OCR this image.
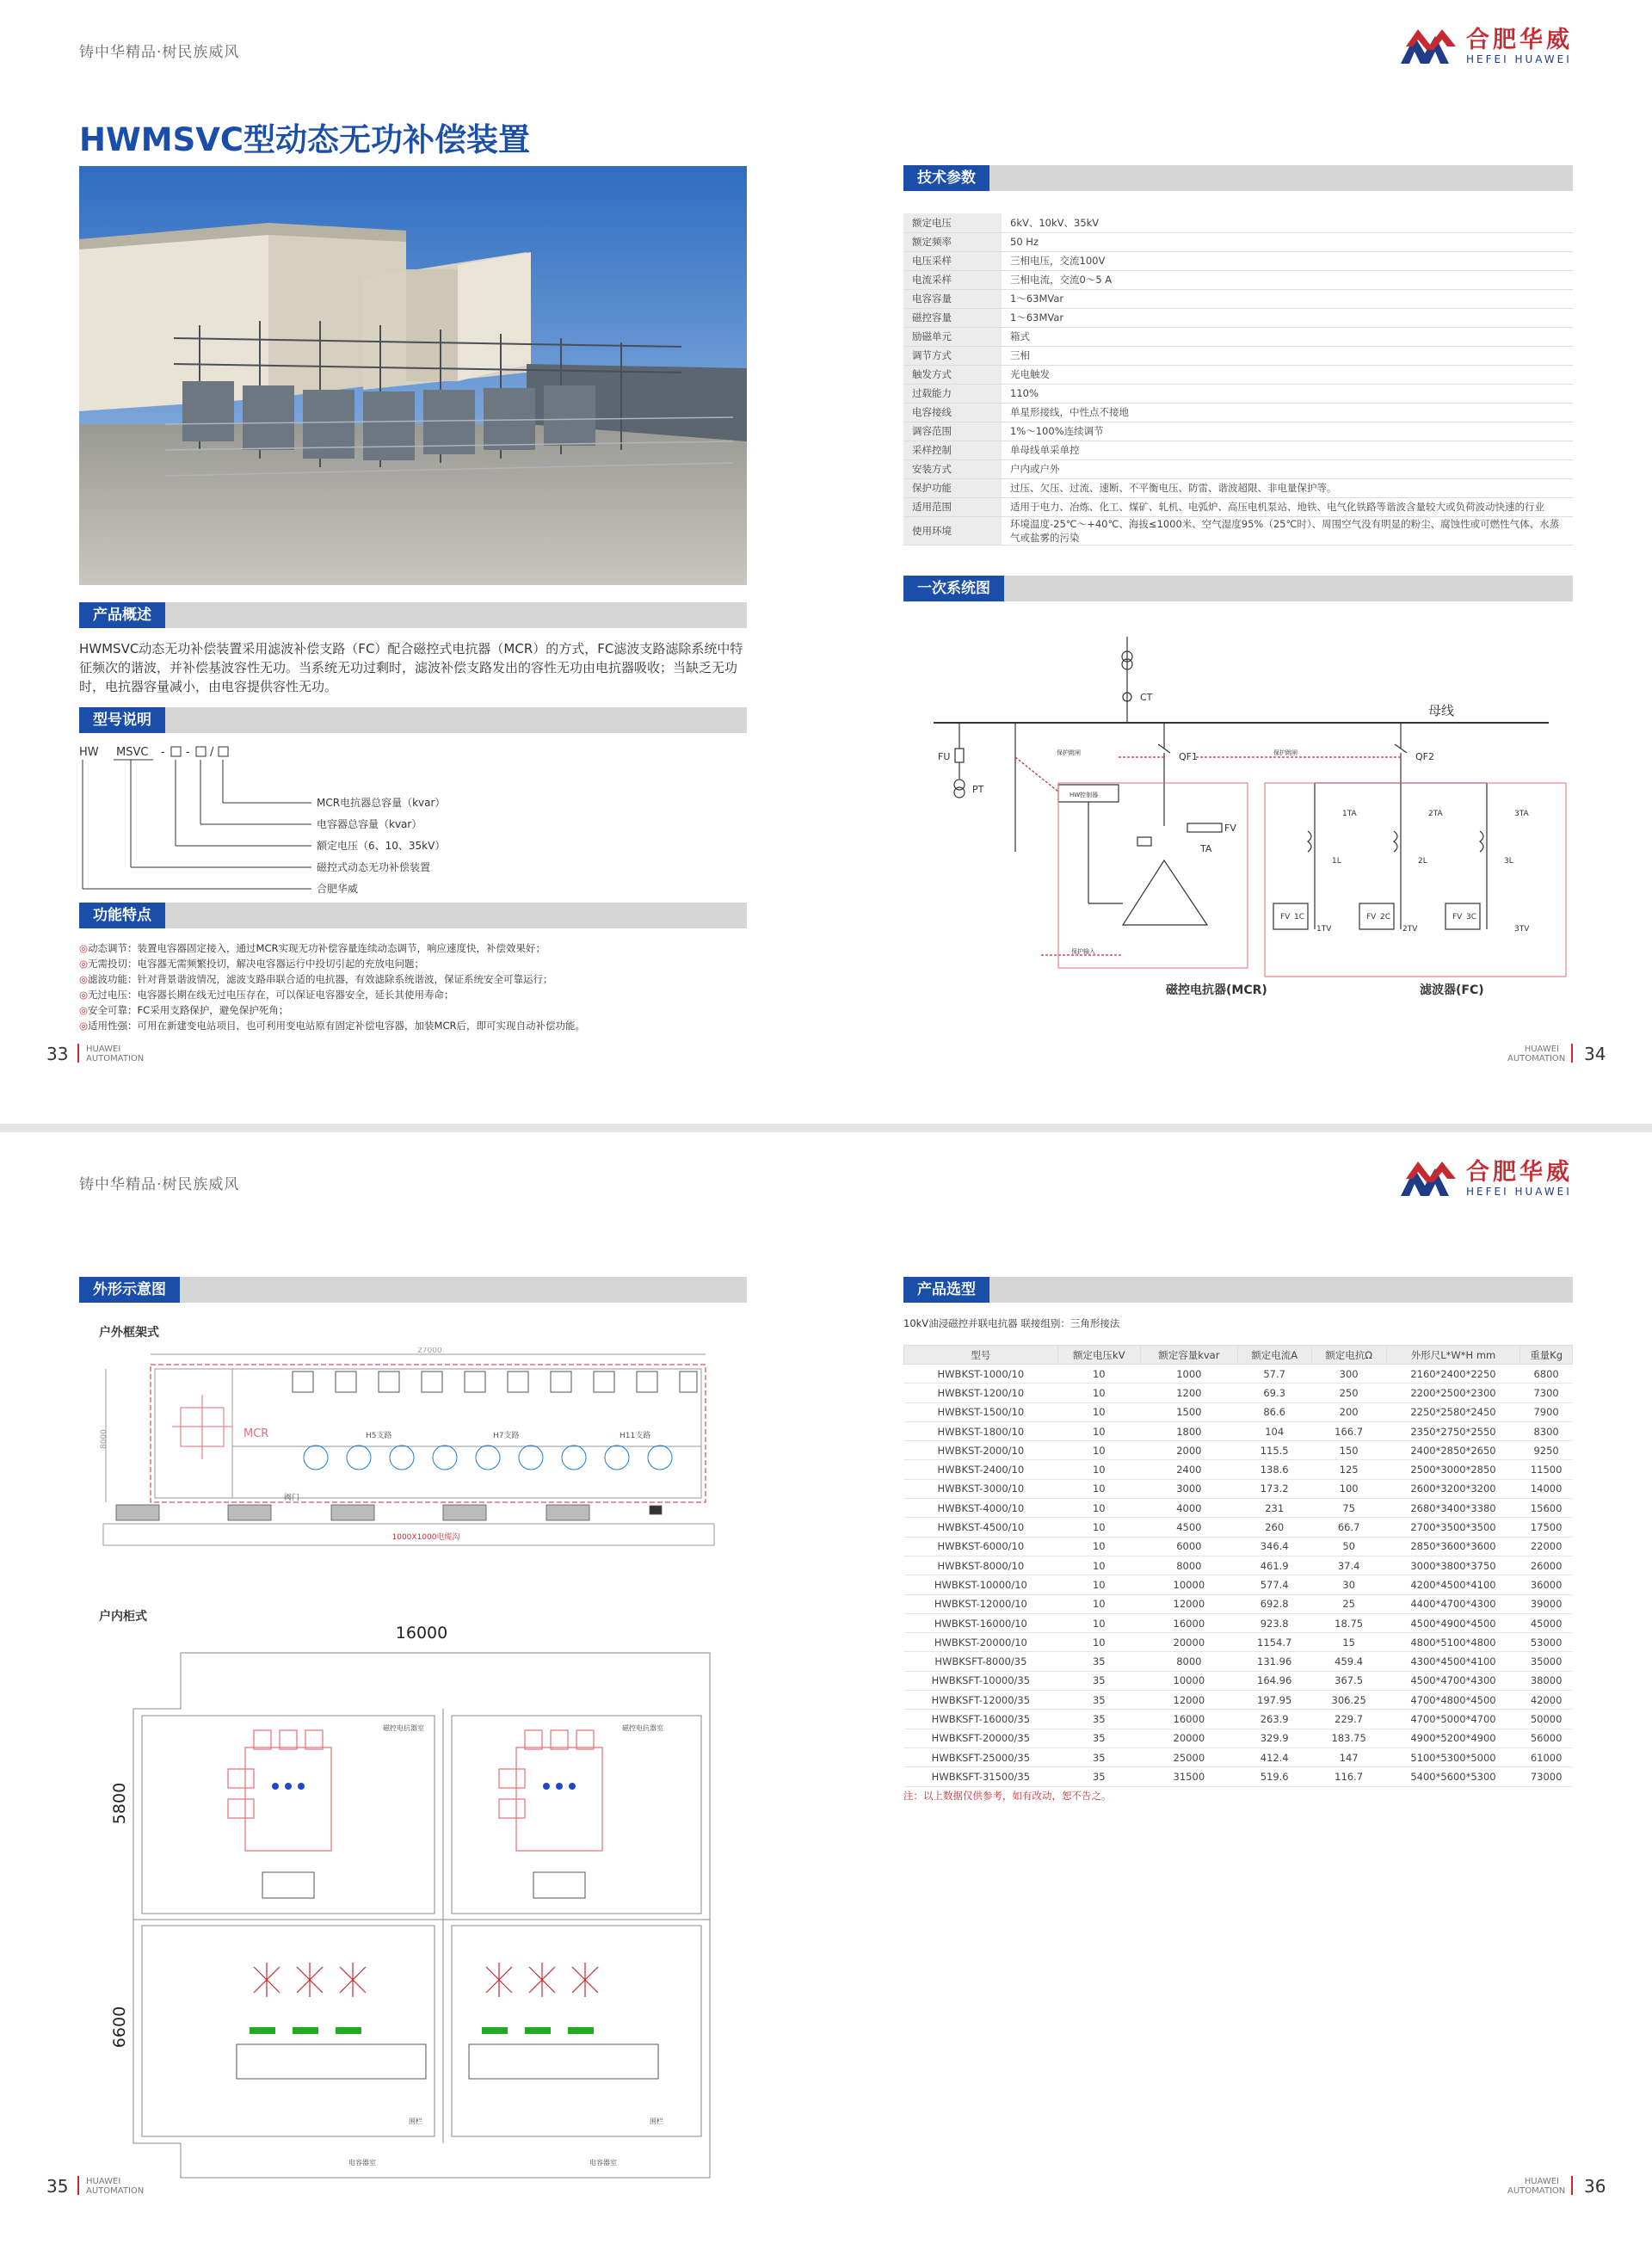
铸中华精品·树民族威风	合肥华威
HEFEI HUAWEI
HWMSVC型动态无功补偿装置
产品概述
HWMSVC动态无功补偿装置采用滤波补偿支路（FC）配合磁控式电抗器（MCR）的方式，FC滤波支路滤除系统中特征频次的谐波，并补偿基波容性无功。当系统无功过剩时，滤波补偿支路发出的容性无功由电抗器吸收；当缺乏无功时，电抗器容量减小，由电容提供容性无功。
型号说明
HW MSVC - - /
MCR电抗器总容量（kvar）
电容器总容量（kvar）
额定电压（6、10、35kV）
磁控式动态无功补偿装置
合肥华威
功能特点
◎动态调节：装置电容器固定接入，通过MCR实现无功补偿容量连续动态调节，响应速度快，补偿效果好；
◎无需投切：电容器无需频繁投切，解决电容器运行中投切引起的充放电问题；
◎滤波功能：针对背景谐波情况，滤波支路串联合适的电抗器，有效滤除系统谐波，保证系统安全可靠运行；
◎无过电压：电容器长期在线无过电压存在，可以保证电容器安全，延长其使用寿命；
◎安全可靠：FC采用支路保护，避免保护死角；
◎适用性强：可用在新建变电站项目，也可利用变电站原有固定补偿电容器，加装MCR后，即可实现自动补偿功能。
33 HUAWEI
AUTOMATION
技术参数
额定电压	6kV、10kV、35kV
额定频率	50 Hz
电压采样	三相电压，交流100V
电流采样	三相电流，交流0～5 A
电容容量	1～63MVar
磁控容量	1～63MVar
励磁单元	箱式
调节方式	三相
触发方式	光电触发
过载能力	110%
电容接线	单星形接线，中性点不接地
调容范围	1%～100%连续调节
采样控制	单母线单采单控
安装方式	户内或户外
保护功能	过压、欠压、过流、速断、不平衡电压、防雷、谐波超限、非电量保护等。
适用范围	适用于电力、冶炼、化工、煤矿、轧机、电弧炉、高压电机泵站、地铁、电气化铁路等谐波含量较大或负荷波动快速的行业
使用环境	环境温度-25℃～+40℃、海拔≤1000米、空气湿度95%（25℃时）、周围空气没有明显的粉尘、腐蚀性或可燃性气体、水蒸气或盐雾的污染
一次系统图
CT
母线
FU
PT
QF1	QF2
保护跳闸	保护跳闸
HW控制器
FV
TA
保护输入
1TA	2TA	3TA
1L	2L	3L
FV	FV	FV
1C	2C	3C
1TV	2TV	3TV
磁控电抗器(MCR)	滤波器(FC)
HUAWEI
AUTOMATION 34
铸中华精品·树民族威风	合肥华威
HEFEI HUAWEI
外形示意图
户外框架式
27000
8000	MCR	H5支路	H7支路	H11支路
阀门
1000X1000电缆沟
户内柜式
16000
5800
6600
磁控电抗器室	磁控电抗器室
电容器室	电容器室
围栏	围栏
35 HUAWEI
AUTOMATION
产品选型
10kV油浸磁控并联电抗器 联接组别：三角形接法
型号	额定电压kV	额定容量kvar	额定电流A	额定电抗Ω	外形尺L*W*H mm	重量Kg
HWBKST-1000/10	10	1000	57.7	300	2160*2400*2250	6800
HWBKST-1200/10	10	1200	69.3	250	2200*2500*2300	7300
HWBKST-1500/10	10	1500	86.6	200	2250*2580*2450	7900
HWBKST-1800/10	10	1800	104	166.7	2350*2750*2550	8300
HWBKST-2000/10	10	2000	115.5	150	2400*2850*2650	9250
HWBKST-2400/10	10	2400	138.6	125	2500*3000*2850	11500
HWBKST-3000/10	10	3000	173.2	100	2600*3200*3200	14000
HWBKST-4000/10	10	4000	231	75	2680*3400*3380	15600
HWBKST-4500/10	10	4500	260	66.7	2700*3500*3500	17500
HWBKST-6000/10	10	6000	346.4	50	2850*3600*3600	22000
HWBKST-8000/10	10	8000	461.9	37.4	3000*3800*3750	26000
HWBKST-10000/10	10	10000	577.4	30	4200*4500*4100	36000
HWBKST-12000/10	10	12000	692.8	25	4400*4700*4300	39000
HWBKST-16000/10	10	16000	923.8	18.75	4500*4900*4500	45000
HWBKST-20000/10	10	20000	1154.7	15	4800*5100*4800	53000
HWBKSFT-8000/35	35	8000	131.96	459.4	4300*4500*4100	35000
HWBKSFT-10000/35	35	10000	164.96	367.5	4500*4700*4300	38000
HWBKSFT-12000/35	35	12000	197.95	306.25	4700*4800*4500	42000
HWBKSFT-16000/35	35	16000	263.9	229.7	4700*5000*4700	50000
HWBKSFT-20000/35	35	20000	329.9	183.75	4900*5200*4900	56000
HWBKSFT-25000/35	35	25000	412.4	147	5100*5300*5000	61000
HWBKSFT-31500/35	35	31500	519.6	116.7	5400*5600*5300	73000
注：以上数据仅供参考，如有改动，恕不告之。
HUAWEI
AUTOMATION 36
